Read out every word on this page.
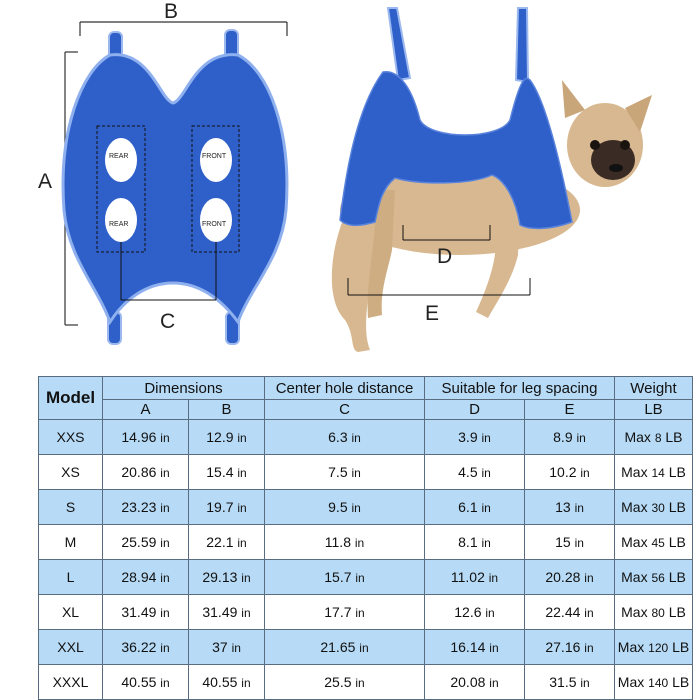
B
A
REAR
REAR
FRONT
FRONT
C
D
E
Model	Dimensions		Center hole distance	Suitable for leg spacing		Weight
	A	B	C	D	E	LB
XXS	14.96 in	12.9 in	6.3 in	3.9 in	8.9 in	Max 8 LB
XS	20.86 in	15.4 in	7.5 in	4.5 in	10.2 in	Max 14 LB
S	23.23 in	19.7 in	9.5 in	6.1 in	13 in	Max 30 LB
M	25.59 in	22.1 in	11.8 in	8.1 in	15 in	Max 45 LB
L	28.94 in	29.13 in	15.7 in	11.02 in	20.28 in	Max 56 LB
XL	31.49 in	31.49 in	17.7 in	12.6 in	22.44 in	Max 80 LB
XXL	36.22 in	37 in	21.65 in	16.14 in	27.16 in	Max 120 LB
XXXL	40.55 in	40.55 in	25.5 in	20.08 in	31.5 in	Max 140 LB
